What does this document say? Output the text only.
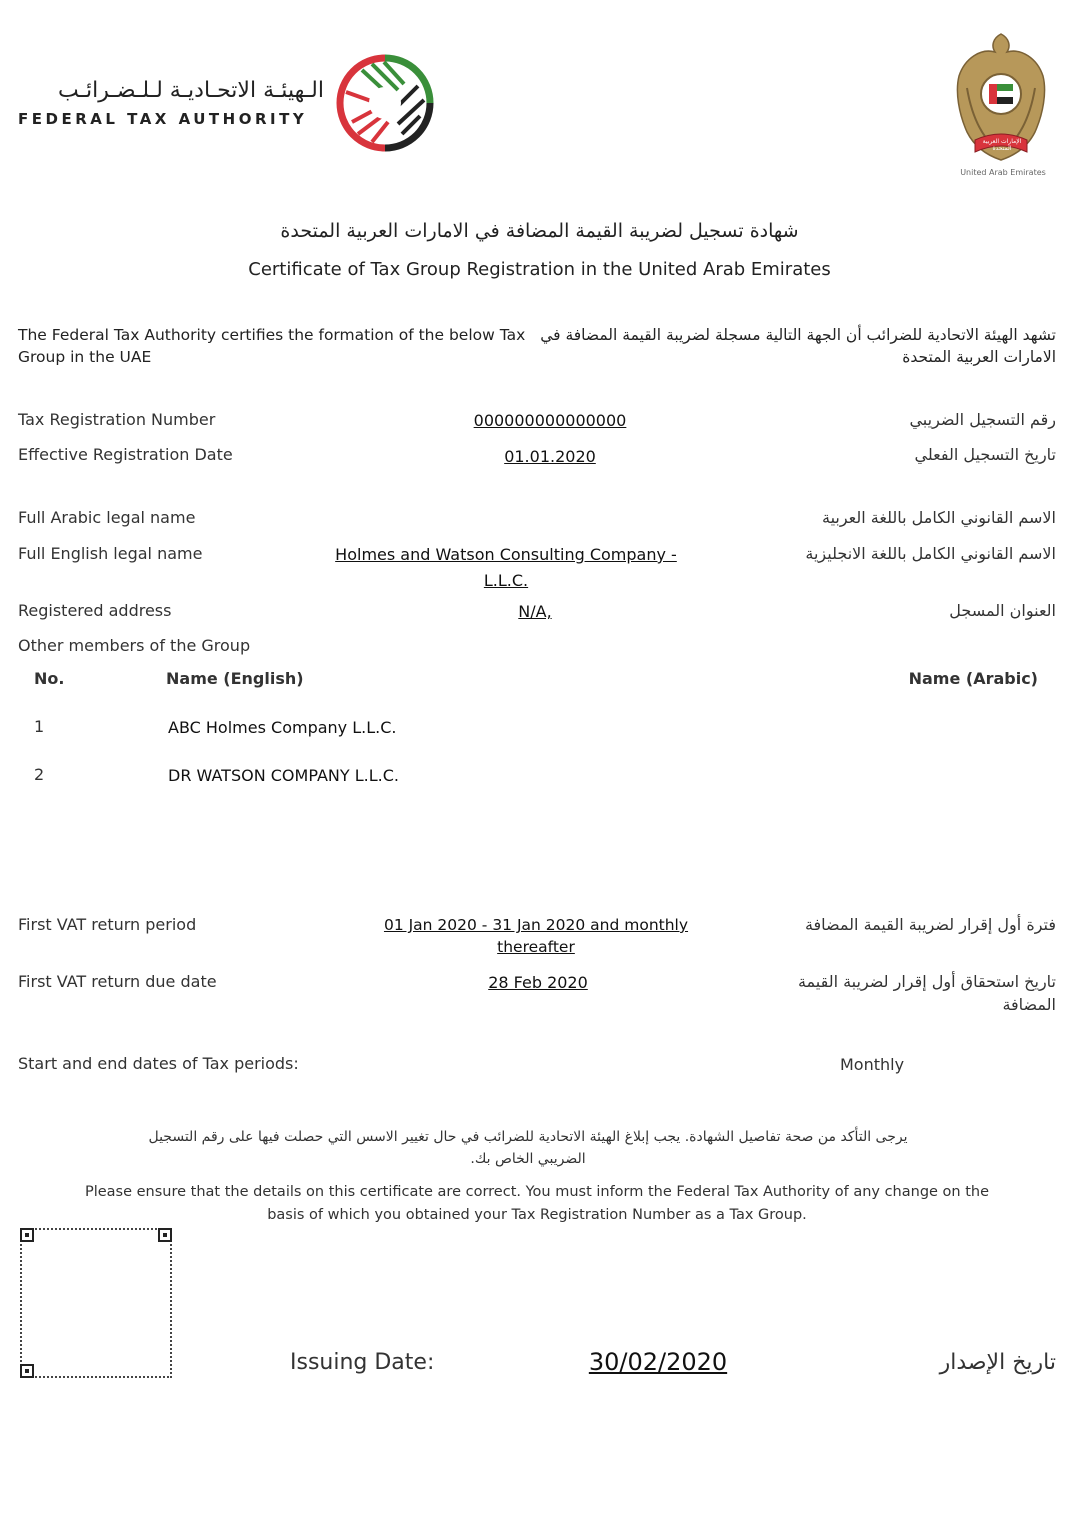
الـهيئـة الاتحـاديـة لـلـضـرائـب
FEDERAL TAX AUTHORITY
الإمارات العربية المتحدة
United Arab Emirates
شهادة تسجيل لضريبة القيمة المضافة في الامارات العربية المتحدة
Certificate of Tax Group Registration in the United Arab Emirates
The Federal Tax Authority certifies the formation of the below Tax Group in the UAE
تشهد الهيئة الاتحادية للضرائب أن الجهة التالية مسجلة لضريبة القيمة المضافة في الامارات العربية المتحدة
Tax Registration Number	000000000000000	رقم التسجيل الضريبي
Effective Registration Date	01.01.2020	تاريخ التسجيل الفعلي
Full Arabic legal name	الاسم القانوني الكامل باللغة العربية
Full English legal name	Holmes and Watson Consulting Company -
L.L.C.
الاسم القانوني الكامل باللغة الانجليزية
Registered address	N/A,	العنوان المسجل
Other members of the Group
No.	Name (English)	Name (Arabic)
1	ABC Holmes Company L.L.C.
2	DR WATSON COMPANY L.L.C.
First VAT return period	01 Jan 2020 - 31 Jan 2020 and monthly
thereafter
فترة أول إقرار لضريبة القيمة المضافة
First VAT return due date	28 Feb 2020	تاريخ استحقاق أول إقرار لضريبة القيمة
المضافة
Start and end dates of Tax periods:	Monthly
يرجى التأكد من صحة تفاصيل الشهادة. يجب إبلاغ الهيئة الاتحادية للضرائب في حال تغيير الاسس التي حصلت فيها على رقم التسجيل
الضريبي الخاص بك.
Please ensure that the details on this certificate are correct. You must inform the Federal Tax Authority of any change on the
basis of which you obtained your Tax Registration Number as a Tax Group.
Issuing Date:	30/02/2020	تاريخ الإصدار
